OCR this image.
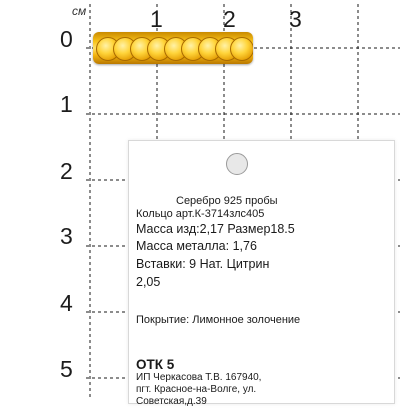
см	1	2 3
0
1
2
3
4
5
Серебро 925 пробы
Кольцо арт.К-3714злс405
Масса изд:2,17 Размер18.5
Масса металла: 1,76
Вставки: 9 Нат. Цитрин
2,05
Покрытие: Лимонное золочение
ОТК 5
ИП Черкасова Т.В. 167940,
пгт. Красное-на-Волге, ул.
Советская,д.39
